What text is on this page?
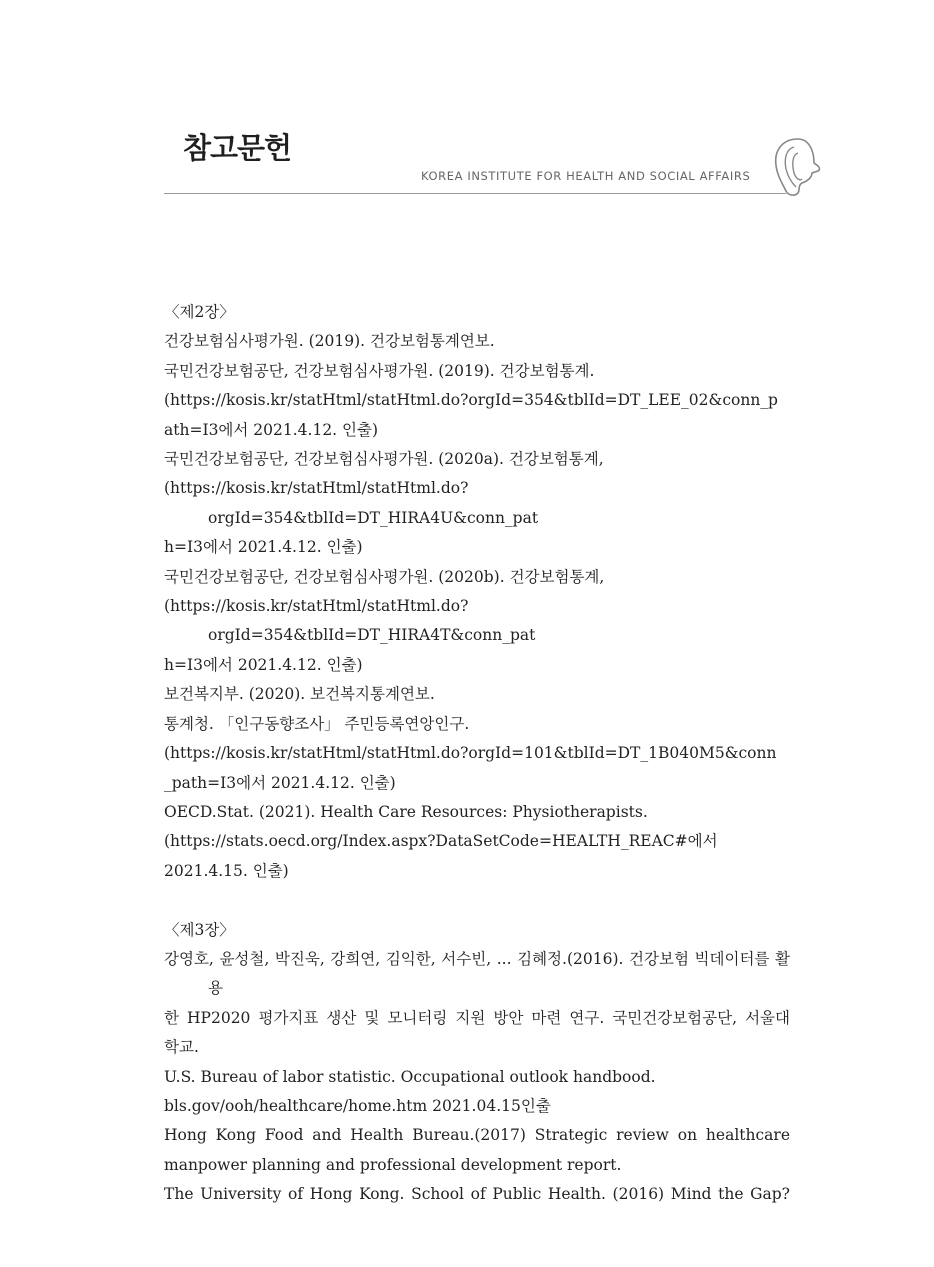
참고문헌
KOREA INSTITUTE FOR HEALTH AND SOCIAL AFFAIRS

〈제2장〉

건강보험심사평가원. (2019). 건강보험통계연보.

국민건강보험공단, 건강보험심사평가원. (2019). 건강보험통계.
(https://kosis.kr/statHtml/statHtml.do?orgId=354&tblId=DT_LEE_02&conn_p
ath=I3에서 2021.4.12. 인출)

국민건강보험공단, 건강보험심사평가원. (2020a). 건강보험통계,
(https://kosis.kr/statHtml/statHtml.do?orgId=354&tblId=DT_HIRA4U&conn_pat
h=I3에서 2021.4.12. 인출)

국민건강보험공단, 건강보험심사평가원. (2020b). 건강보험통계,
(https://kosis.kr/statHtml/statHtml.do?orgId=354&tblId=DT_HIRA4T&conn_pat
h=I3에서 2021.4.12. 인출)

보건복지부. (2020). 보건복지통계연보.

통계청. 「인구동향조사」 주민등록연앙인구.
(https://kosis.kr/statHtml/statHtml.do?orgId=101&tblId=DT_1B040M5&conn
_path=I3에서 2021.4.12. 인출)

OECD.Stat. (2021). Health Care Resources: Physiotherapists.
(https://stats.oecd.org/Index.aspx?DataSetCode=HEALTH_REAC#에서
2021.4.15. 인출)

〈제3장〉

강영호, 윤성철, 박진욱, 강희연, 김익한, 서수빈, ... 김혜정.(2016). 건강보험 빅데이터를 활용
한 HP2020 평가지표 생산 및 모니터링 지원 방안 마련 연구. 국민건강보험공단, 서울대
학교.

U.S. Bureau of labor statistic. Occupational outlook handbood.
bls.gov/ooh/healthcare/home.htm 2021.04.15인출

Hong Kong Food and Health Bureau.(2017) Strategic review on healthcare
manpower planning and professional development report.

The University of Hong Kong. School of Public Health. (2016) Mind the Gap?
